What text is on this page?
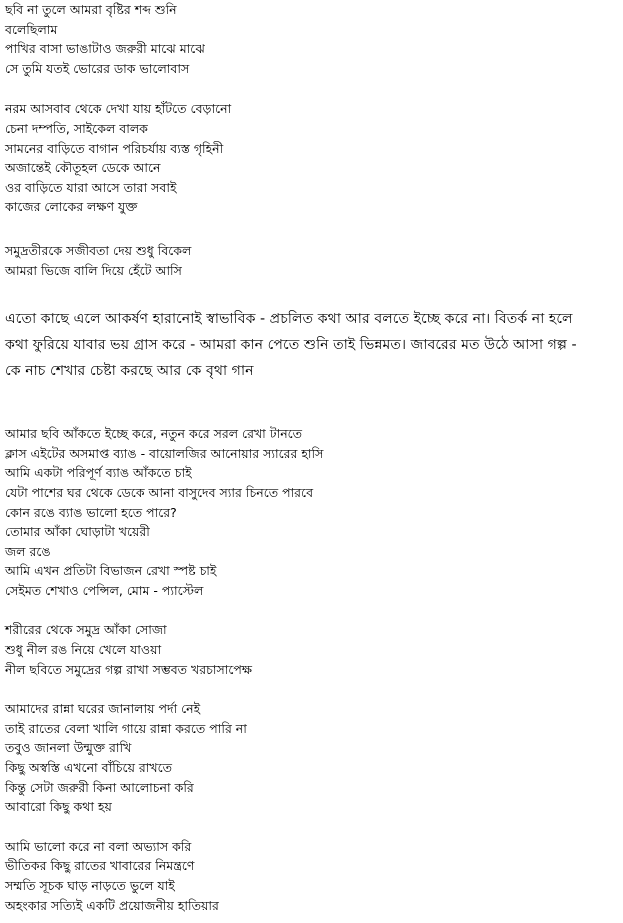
ছবি না তুলে আমরা বৃষ্টির শব্দ শুনি
বলেছিলাম
পাখির বাসা ভাঙাটাও জরুরী মাঝে মাঝে
সে তুমি যতই ভোরের ডাক ভালোবাস
নরম আসবাব থেকে দেখা যায় হাঁটতে বেড়ানো
চেনা দম্পতি, সাইকেল বালক
সামনের বাড়িতে বাগান পরিচর্যায় ব্যস্ত গৃহিনী
অজান্তেই কৌতূহল ডেকে আনে
ওর বাড়িতে যারা আসে তারা সবাই
কাজের লোকের লক্ষণ যুক্ত
সমুদ্রতীরকে সজীবতা দেয় শুধু বিকেল
আমরা ভিজে বালি দিয়ে হেঁটে আসি
এতো কাছে এলে আকর্ষণ হারানোই স্বাভাবিক - প্রচলিত কথা আর বলতে ইচ্ছে করে না। বিতর্ক না হলে
কথা ফুরিয়ে যাবার ভয় গ্রাস করে - আমরা কান পেতে শুনি তাই ভিন্নমত। জাবরের মত উঠে আসা গল্প -
কে নাচ শেখার চেষ্টা করছে আর কে বৃথা গান
আমার ছবি আঁকতে ইচ্ছে করে, নতুন করে সরল রেখা টানতে
ক্লাস এইটের অসমাপ্ত ব্যাঙ - বায়োলজির আনোয়ার স্যারের হাসি
আমি একটা পরিপূর্ণ ব্যাঙ আঁকতে চাই
যেটা পাশের ঘর থেকে ডেকে আনা বাসুদেব স্যার চিনতে পারবে
কোন রঙে ব্যাঙ ভালো হতে পারে?
তোমার আঁকা ঘোড়াটা খয়েরী
জল রঙে
আমি এখন প্রতিটা বিভাজন রেখা স্পষ্ট চাই
সেইমত শেখাও পেন্সিল, মোম - প্যাস্টেল
শরীরের থেকে সমুদ্র আঁকা সোজা
শুধু নীল রঙ নিয়ে খেলে যাওয়া
নীল ছবিতে সমুদ্রের গল্প রাখা সম্ভবত খরচাসাপেক্ষ
আমাদের রান্না ঘরের জানালায় পর্দা নেই
তাই রাতের বেলা খালি গায়ে রান্না করতে পারি না
তবুও জানলা উন্মুক্ত রাখি
কিছু অস্বস্তি এখনো বাঁচিয়ে রাখতে
কিন্তু সেটা জরুরী কিনা আলোচনা করি
আবারো কিছু কথা হয়
আমি ভালো করে না বলা অভ্যাস করি
ভীতিকর কিছু রাতের খাবারের নিমন্ত্রণে
সম্মতি সূচক ঘাড় নাড়তে ভুলে যাই
অহংকার সত্যিই একটি প্রয়োজনীয় হাতিয়ার
